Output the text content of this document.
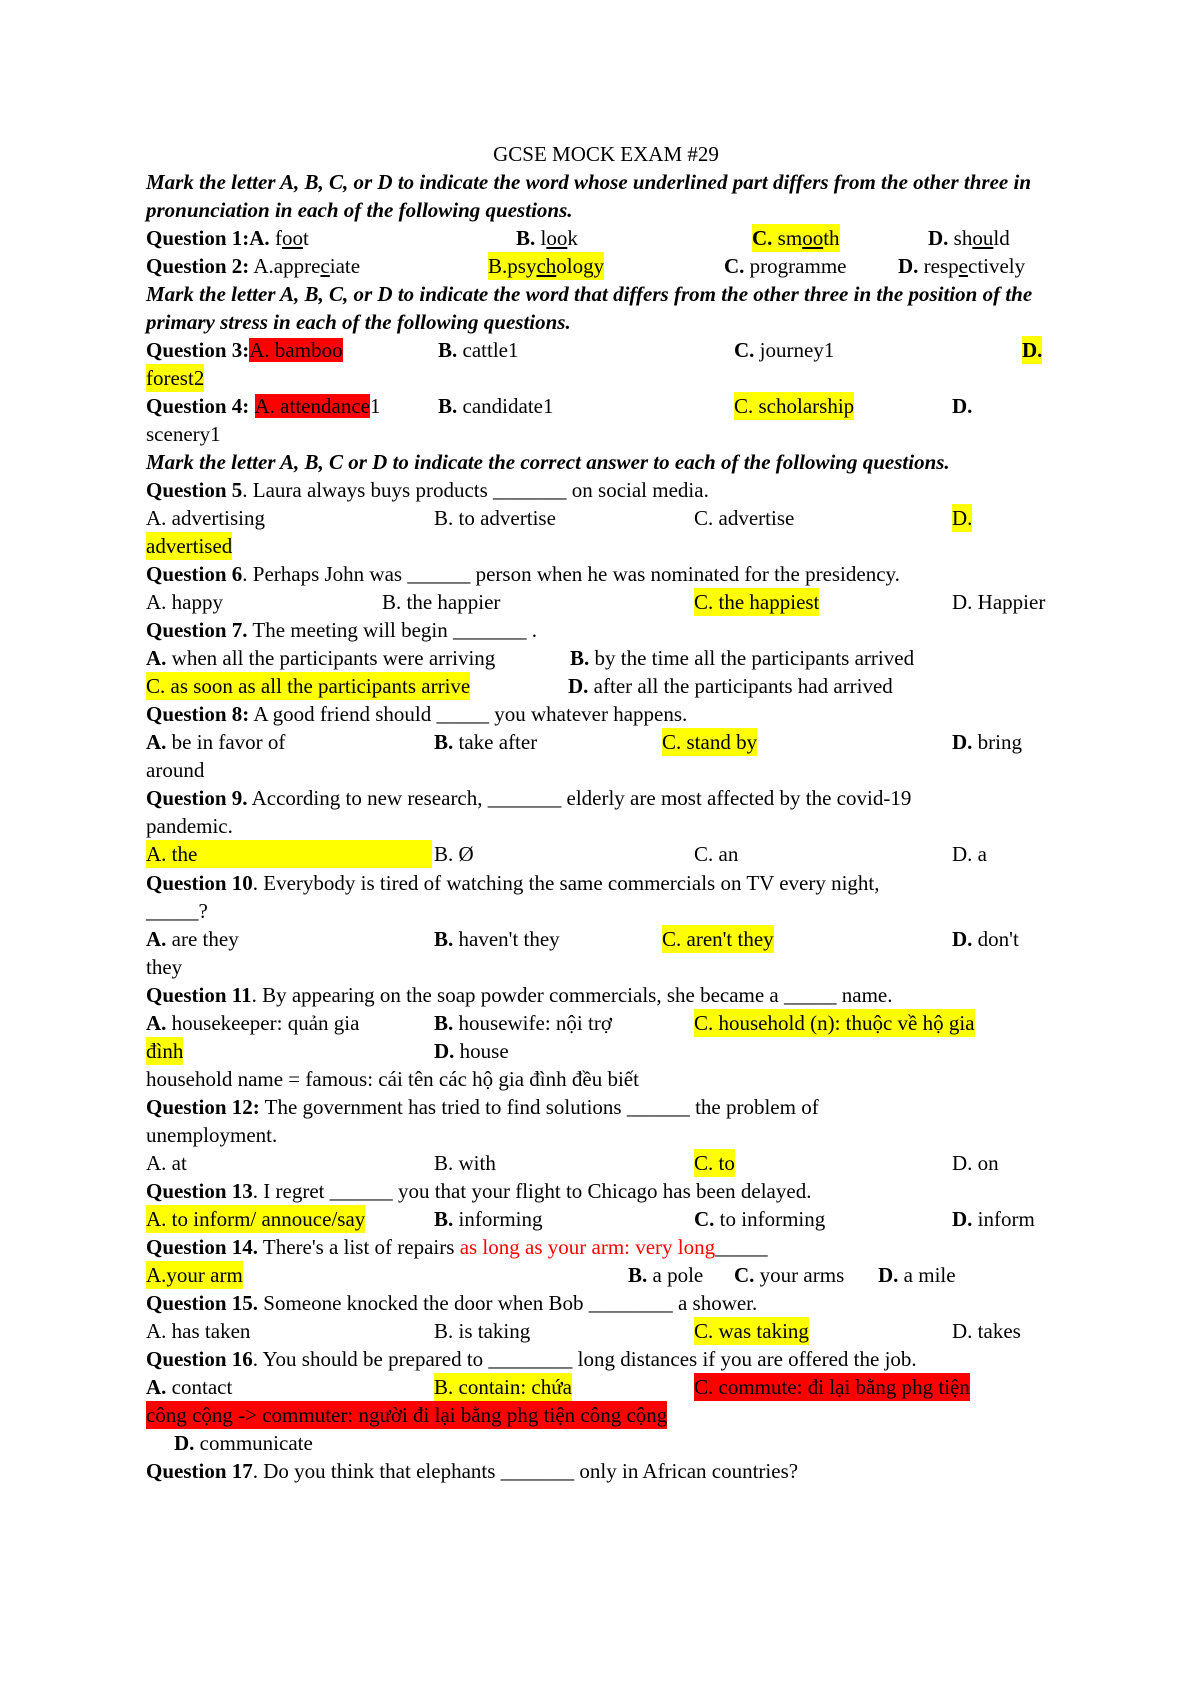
GCSE MOCK EXAM #29
Mark the letter A, B, C, or D to indicate the word whose underlined part differs from the other three in pronunciation in each of the following questions.
Question 1:A. foot	B. look	C. smooth	D. should
Question 2: A.appreciate	B.psychology	C. programme D. respectively
Mark the letter A, B, C, or D to indicate the word that differs from the other three in the position of the primary stress in each of the following questions.
Question 3:A. bamboo	B. cattle1	C. journey1	D.
forest2
Question 4: A. attendance1	B. candidate1	C. scholarship	D.
scenery1
Mark the letter A, B, C or D to indicate the correct answer to each of the following questions.
Question 5. Laura always buys products _______ on social media.
A. advertising	B. to advertise	C. advertise	D.
advertised
Question 6. Perhaps John was ______ person when he was nominated for the presidency.
A. happy	B. the happier	C. the happiest	D. Happier
Question 7. The meeting will begin _______ .
A. when all the participants were arriving	B. by the time all the participants arrived
C. as soon as all the participants arrive	D. after all the participants had arrived
Question 8: A good friend should _____ you whatever happens.
A. be in favor of	B. take after	C. stand by	D. bring
around
Question 9. According to new research, _______ elderly are most affected by the covid-19
pandemic.
A. the	B. Ø	C. an	D. a
Question 10. Everybody is tired of watching the same commercials on TV every night,
_____?
A. are they	B. haven't they	C. aren't they	D. don't
they
Question 11. By appearing on the soap powder commercials, she became a _____ name.
A. housekeeper: quản gia	B. housewife: nội trợ	C. household (n): thuộc về hộ gia
đình	D. house
household name = famous: cái tên các hộ gia đình đều biết
Question 12: The government has tried to find solutions ______ the problem of
unemployment.
A. at	B. with	C. to	D. on
Question 13. I regret ______ you that your flight to Chicago has been delayed.
A. to inform/ annouce/say	B. informing	C. to informing	D. inform
Question 14. There's a list of repairs as long as your arm: very long_____
A.your arm	B. a pole C. your arms D. a mile
Question 15. Someone knocked the door when Bob ________ a shower.
A. has taken	B. is taking	C. was taking	D. takes
Question 16. You should be prepared to ________ long distances if you are offered the job.
A. contact	B. contain: chứa	C. commute: đi lại bằng phg tiện
công cộng -> commuter: người đi lại bằng phg tiện công cộng
D. communicate
Question 17. Do you think that elephants _______ only in African countries?
